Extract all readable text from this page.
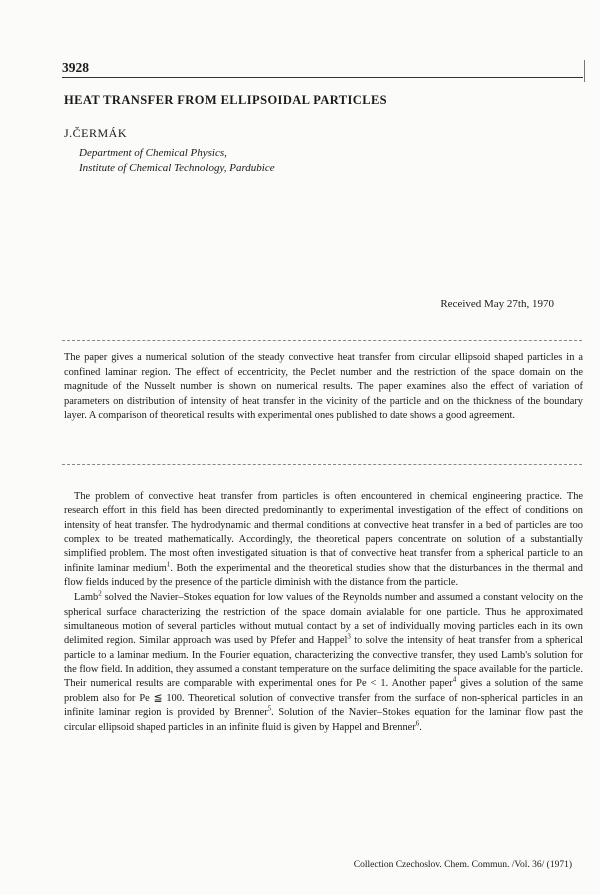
3928
HEAT TRANSFER FROM ELLIPSOIDAL PARTICLES
J.ČERMÁK
Department of Chemical Physics,
Institute of Chemical Technology, Pardubice
Received May 27th, 1970
The paper gives a numerical solution of the steady convective heat transfer from circular ellipsoid shaped particles in a confined laminar region. The effect of eccentricity, the Peclet number and the restriction of the space domain on the magnitude of the Nusselt number is shown on numerical results. The paper examines also the effect of variation of parameters on distribution of intensity of heat transfer in the vicinity of the particle and on the thickness of the boundary layer. A comparison of theoretical results with experimental ones published to date shows a good agreement.

The problem of convective heat transfer from particles is often encountered in chemical engineering practice. The research effort in this field has been directed predominantly to experimental investigation of the effect of conditions on intensity of heat transfer. The hydrodynamic and thermal conditions at convective heat transfer in a bed of particles are too complex to be treated mathematically. Accordingly, the theoretical papers concentrate on solution of a substantially simplified problem. The most often investigated situation is that of convective heat transfer from a spherical particle to an infinite laminar medium$^1$. Both the experimental and the theoretical studies show that the disturbances in the thermal and flow fields induced by the presence of the particle diminish with the distance from the particle.

Lamb$^2$ solved the Navier–Stokes equation for low values of the Reynolds number and assumed a constant velocity on the spherical surface characterizing the restriction of the space domain avialable for one particle. Thus he approximated simultaneous motion of several particles without mutual contact by a set of individually moving particles each in its own delimited region. Similar approach was used by Pfefer and Happel$^3$ to solve the intensity of heat transfer from a spherical particle to a laminar medium. In the Fourier equation, characterizing the convective transfer, they used Lamb's solution for the flow field. In addition, they assumed a constant temperature on the surface delimiting the space available for the particle. Their numerical results are comparable with experimental ones for Pe < 1. Another paper$^4$ gives a solution of the same problem also for Pe ≦ 100. Theoretical solution of convective transfer from the surface of non-spherical particles in an infinite laminar region is provided by Brenner$^5$. Solution of the Navier–Stokes equation for the laminar flow past the circular ellipsoid shaped particles in an infinite fluid is given by Happel and Brenner$^6$.

Collection Czechoslov. Chem. Commun. /Vol. 36/ (1971)
